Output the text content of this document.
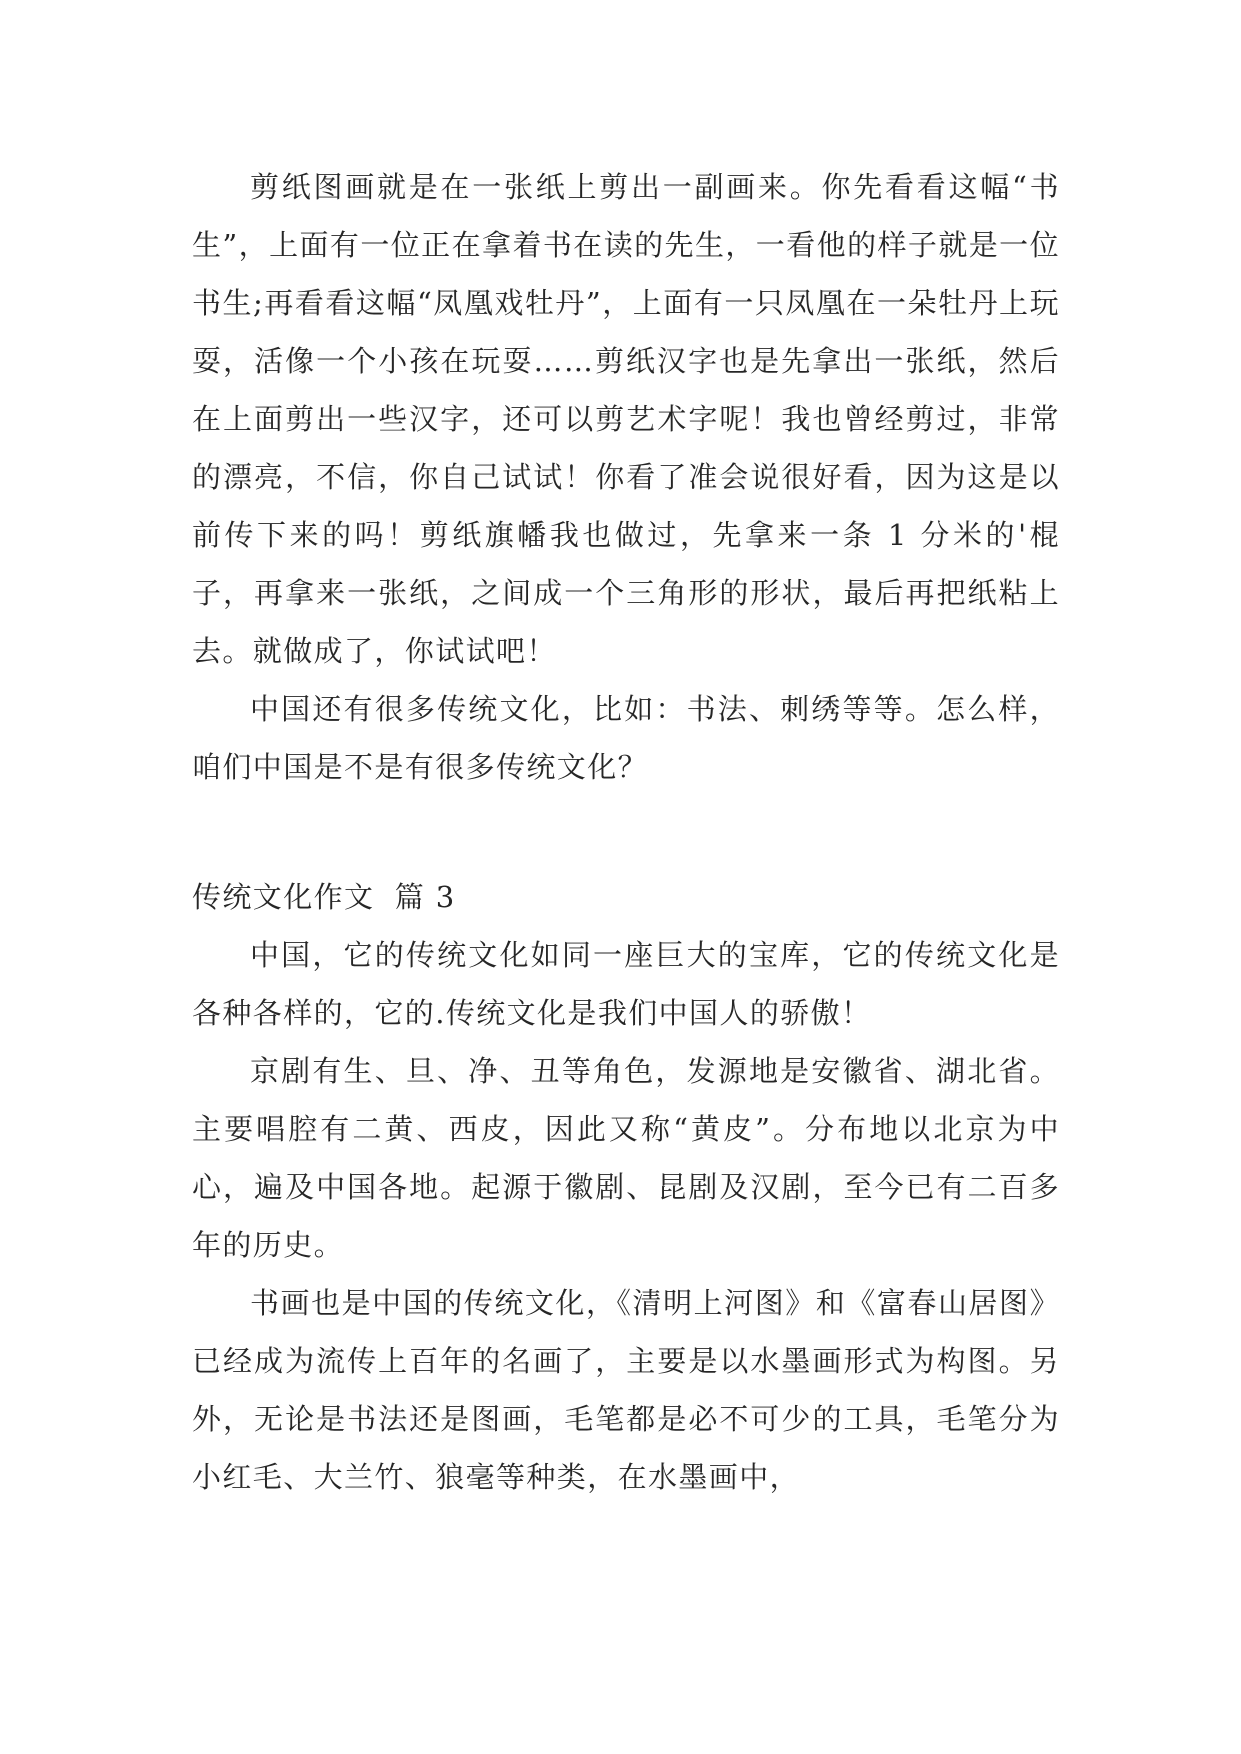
剪纸图画就是在一张纸上剪出一副画来。你先看看这幅“书生”，上面有一位正在拿着书在读的先生，一看他的样子就是一位书生;再看看这幅“凤凰戏牡丹”，上面有一只凤凰在一朵牡丹上玩耍，活像一个小孩在玩耍……剪纸汉字也是先拿出一张纸，然后在上面剪出一些汉字，还可以剪艺术字呢！我也曾经剪过，非常的漂亮，不信，你自己试试！你看了准会说很好看，因为这是以前传下来的吗！剪纸旗幡我也做过，先拿来一条 1 分米的'棍子，再拿来一张纸，之间成一个三角形的形状，最后再把纸粘上去。就做成了，你试试吧！

中国还有很多传统文化，比如：书法、刺绣等等。怎么样，咱们中国是不是有很多传统文化？

传统文化作文 篇 3

中国，它的传统文化如同一座巨大的宝库，它的传统文化是各种各样的，它的.传统文化是我们中国人的骄傲！

京剧有生、旦、净、丑等角色，发源地是安徽省、湖北省。主要唱腔有二黄、西皮，因此又称“黄皮”。分布地以北京为中心，遍及中国各地。起源于徽剧、昆剧及汉剧，至今已有二百多年的历史。

书画也是中国的传统文化，《清明上河图》和《富春山居图》已经成为流传上百年的名画了，主要是以水墨画形式为构图。另外，无论是书法还是图画，毛笔都是必不可少的工具，毛笔分为小红毛、大兰竹、狼毫等种类，在水墨画中，
